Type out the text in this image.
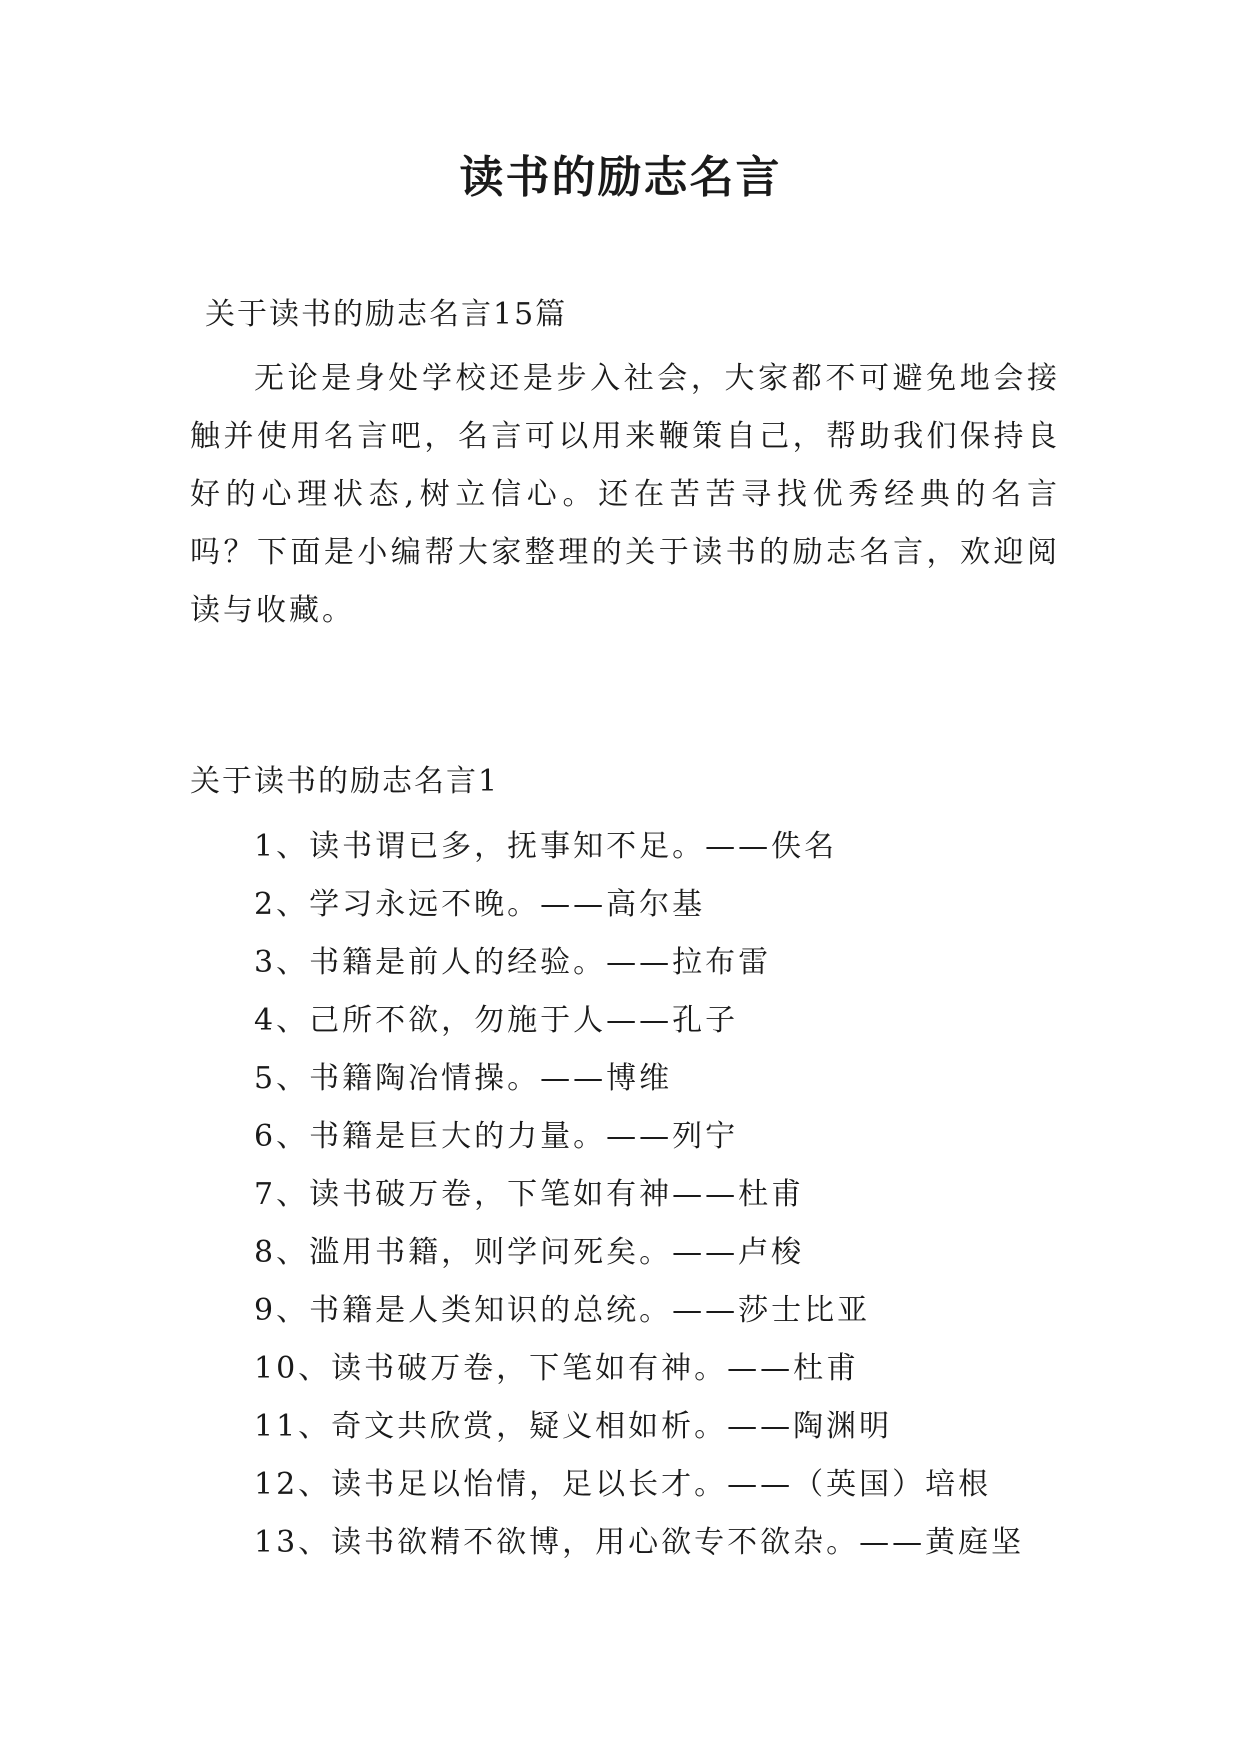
读书的励志名言
关于读书的励志名言15篇

无论是身处学校还是步入社会，大家都不可避免地会接触并使用名言吧，名言可以用来鞭策自己，帮助我们保持良好的心理状态,树立信心。还在苦苦寻找优秀经典的名言吗？下面是小编帮大家整理的关于读书的励志名言，欢迎阅读与收藏。

关于读书的励志名言1
1、读书谓已多，抚事知不足。——佚名
2、学习永远不晚。——高尔基
3、书籍是前人的经验。——拉布雷
4、己所不欲，勿施于人——孔子
5、书籍陶冶情操。——博维
6、书籍是巨大的力量。——列宁
7、读书破万卷，下笔如有神——杜甫
8、滥用书籍，则学问死矣。——卢梭
9、书籍是人类知识的总统。——莎士比亚
10、读书破万卷，下笔如有神。——杜甫
11、奇文共欣赏，疑义相如析。——陶渊明
12、读书足以怡情，足以长才。——（英国）培根
13、读书欲精不欲博，用心欲专不欲杂。——黄庭坚
